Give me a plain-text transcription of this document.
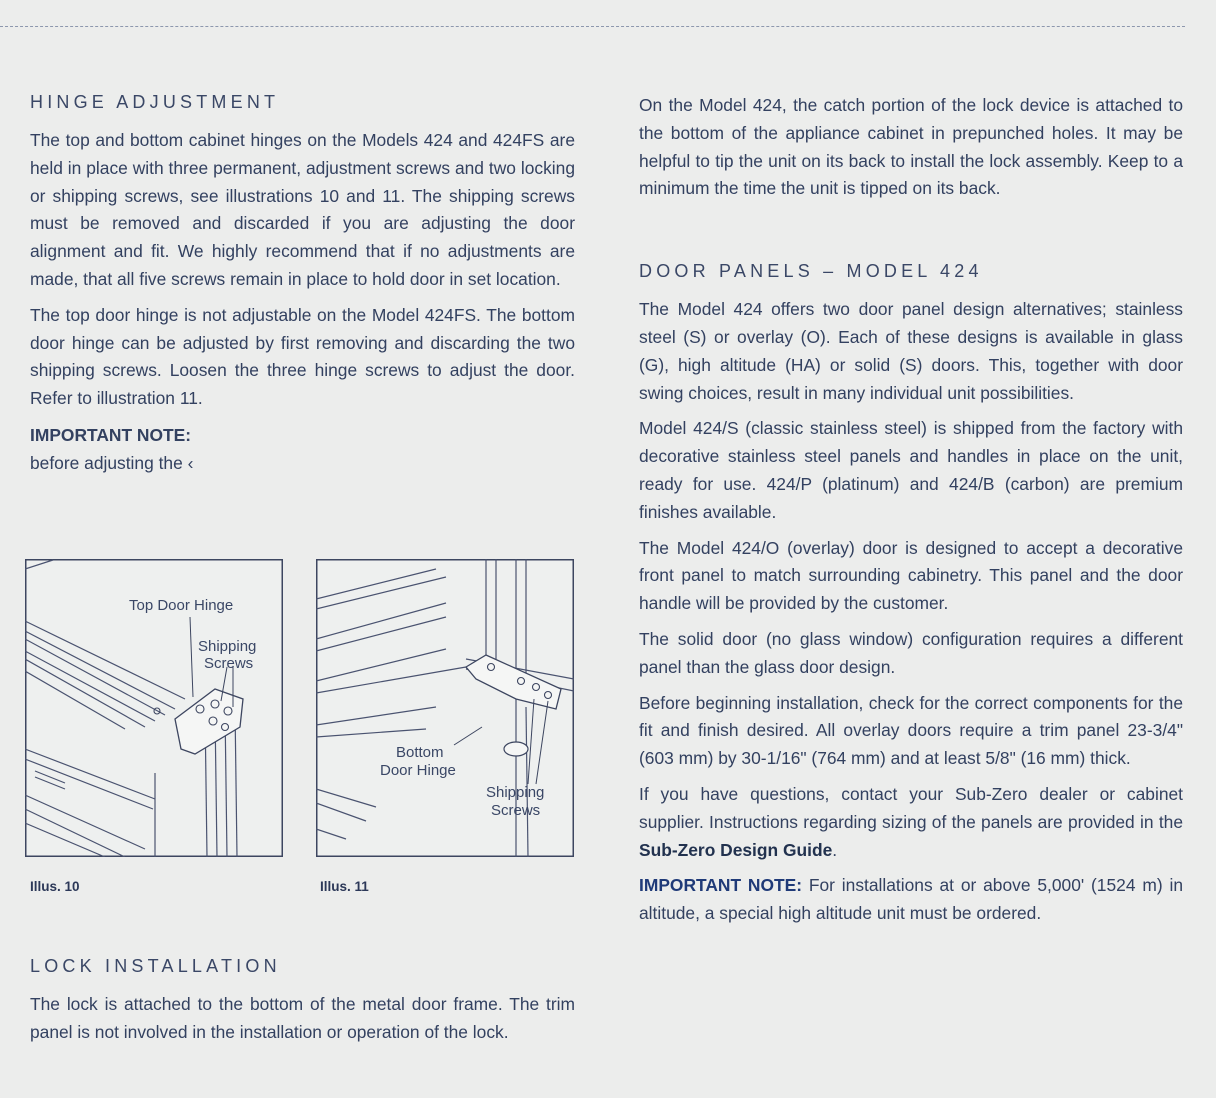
HINGE ADJUSTMENT

The top and bottom cabinet hinges on the Models 424 and 424FS are held in place with three permanent, adjustment screws and two locking or shipping screws, see illustrations 10 and 11. The shipping screws must be removed and discarded if you are adjusting the door alignment and fit. We highly recommend that if no adjustments are made, that all five screws remain in place to hold door in set location.

The top door hinge is not adjustable on the Model 424FS. The bottom door hinge can be adjusted by first removing and discarding the two shipping screws. Loosen the three hinge screws to adjust the door. Refer to illustration 11.

IMPORTANT NOTE:
before adjusting the ‹
Top Door Hinge
Shipping
Screws
Illus. 10
Bottom
Door Hinge
Shipping
Screws
Illus. 11
LOCK INSTALLATION

The lock is attached to the bottom of the metal door frame. The trim panel is not involved in the installation or operation of the lock.

On the Model 424, the catch portion of the lock device is attached to the bottom of the appliance cabinet in prepunched holes. It may be helpful to tip the unit on its back to install the lock assembly. Keep to a minimum the time the unit is tipped on its back.

DOOR PANELS – MODEL 424

The Model 424 offers two door panel design alternatives; stainless steel (S) or overlay (O). Each of these designs is available in glass (G), high altitude (HA) or solid (S) doors. This, together with door swing choices, result in many individual unit possibilities.

Model 424/S (classic stainless steel) is shipped from the factory with decorative stainless steel panels and handles in place on the unit, ready for use. 424/P (platinum) and 424/B (carbon) are premium finishes available.

The Model 424/O (overlay) door is designed to accept a decorative front panel to match surrounding cabinetry. This panel and the door handle will be provided by the customer.

The solid door (no glass window) configuration requires a different panel than the glass door design.

Before beginning installation, check for the correct components for the fit and finish desired. All overlay doors require a trim panel 23-3/4" (603 mm) by 30-1/16" (764 mm) and at least 5/8" (16 mm) thick.

If you have questions, contact your Sub-Zero dealer or cabinet supplier. Instructions regarding sizing of the panels are provided in the Sub-Zero Design Guide.

IMPORTANT NOTE: For installations at or above 5,000' (1524 m) in altitude, a special high altitude unit must be ordered.
